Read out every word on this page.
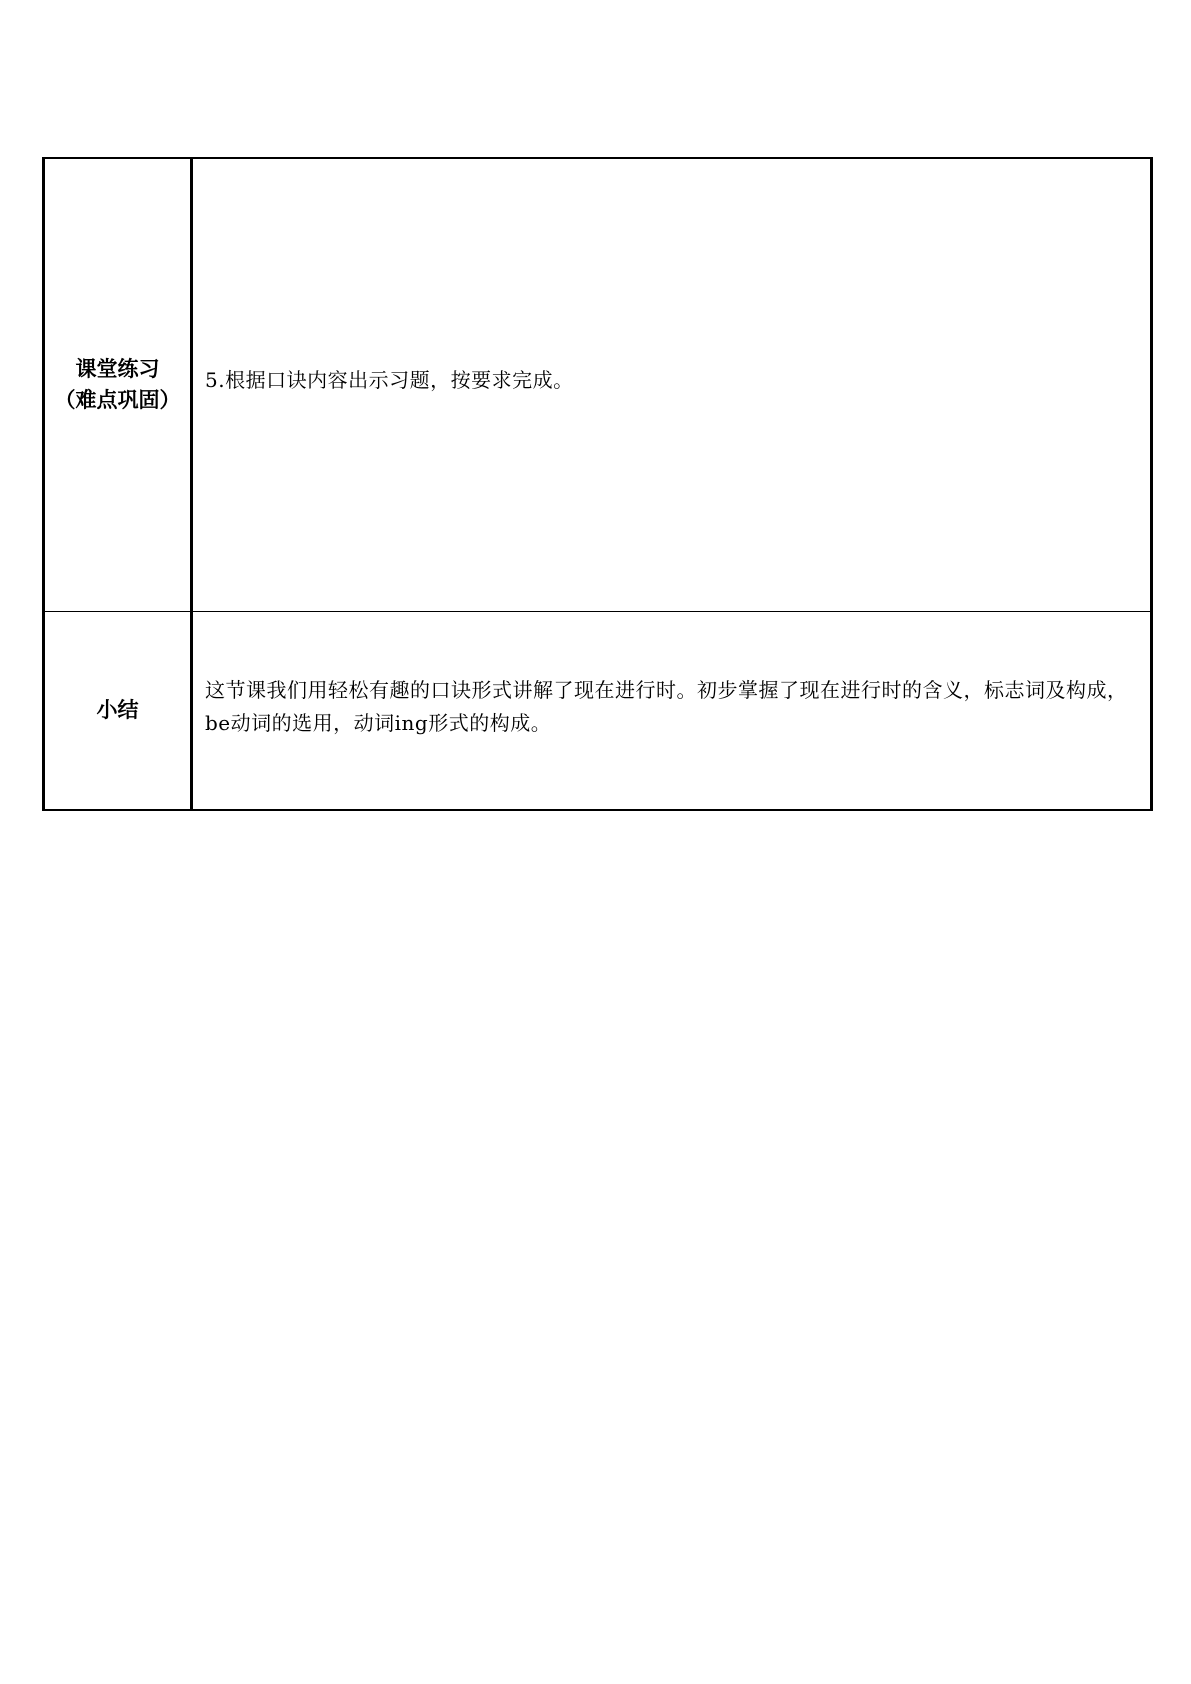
课堂练习
（难点巩固）	5.根据口诀内容出示习题，按要求完成。

小结	这节课我们用轻松有趣的口诀形式讲解了现在进行时。初步掌握了现在进行时的含义，标志词及构成，be动词的选用，动词ing形式的构成。
